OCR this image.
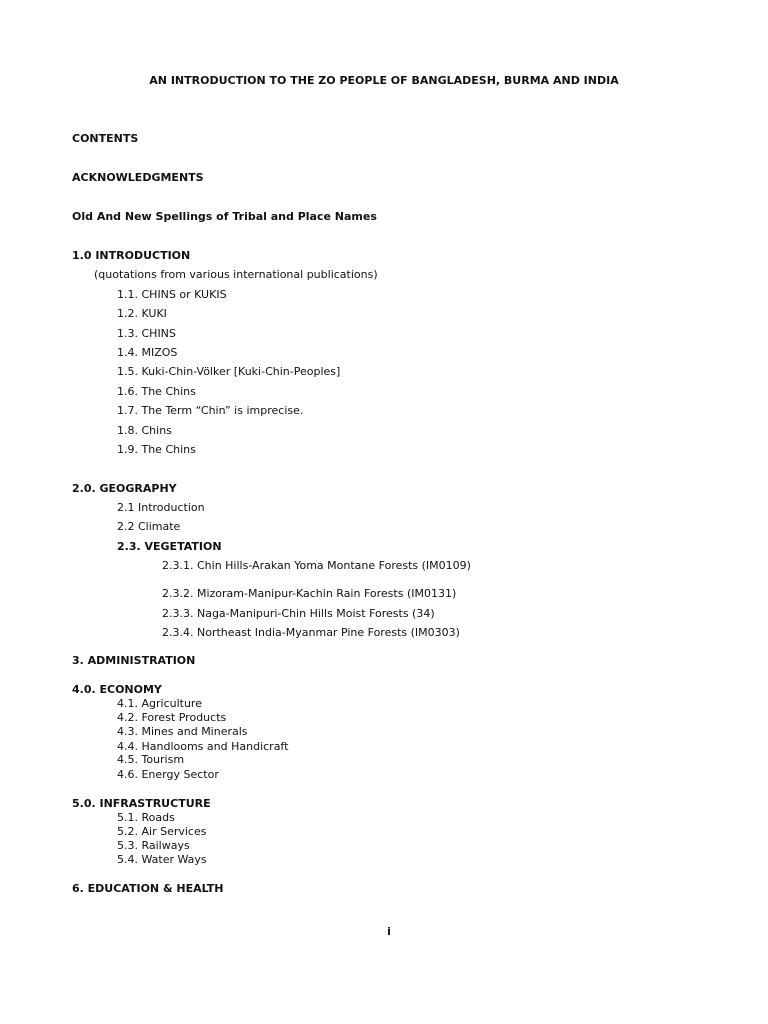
AN INTRODUCTION TO THE ZO PEOPLE OF BANGLADESH, BURMA AND INDIA
CONTENTS
ACKNOWLEDGMENTS
Old And New Spellings of Tribal and Place Names
1.0 INTRODUCTION
(quotations from various international publications)
1.1. CHINS or KUKIS
1.2. KUKI
1.3. CHINS
1.4. MIZOS
1.5. Kuki-Chin-Völker [Kuki-Chin-Peoples]
1.6. The Chins
1.7. The Term “Chin” is imprecise.
1.8. Chins
1.9. The Chins
2.0. GEOGRAPHY
2.1 Introduction
2.2 Climate
2.3. VEGETATION
2.3.1. Chin Hills-Arakan Yoma Montane Forests (IM0109)
2.3.2. Mizoram-Manipur-Kachin Rain Forests (IM0131)
2.3.3. Naga-Manipuri-Chin Hills Moist Forests (34)
2.3.4. Northeast India-Myanmar Pine Forests (IM0303)
3. ADMINISTRATION
4.0. ECONOMY
4.1. Agriculture
4.2. Forest Products
4.3. Mines and Minerals
4.4. Handlooms and Handicraft
4.5. Tourism
4.6. Energy Sector
5.0. INFRASTRUCTURE
5.1. Roads
5.2. Air Services
5.3. Railways
5.4. Water Ways
6. EDUCATION & HEALTH
i
